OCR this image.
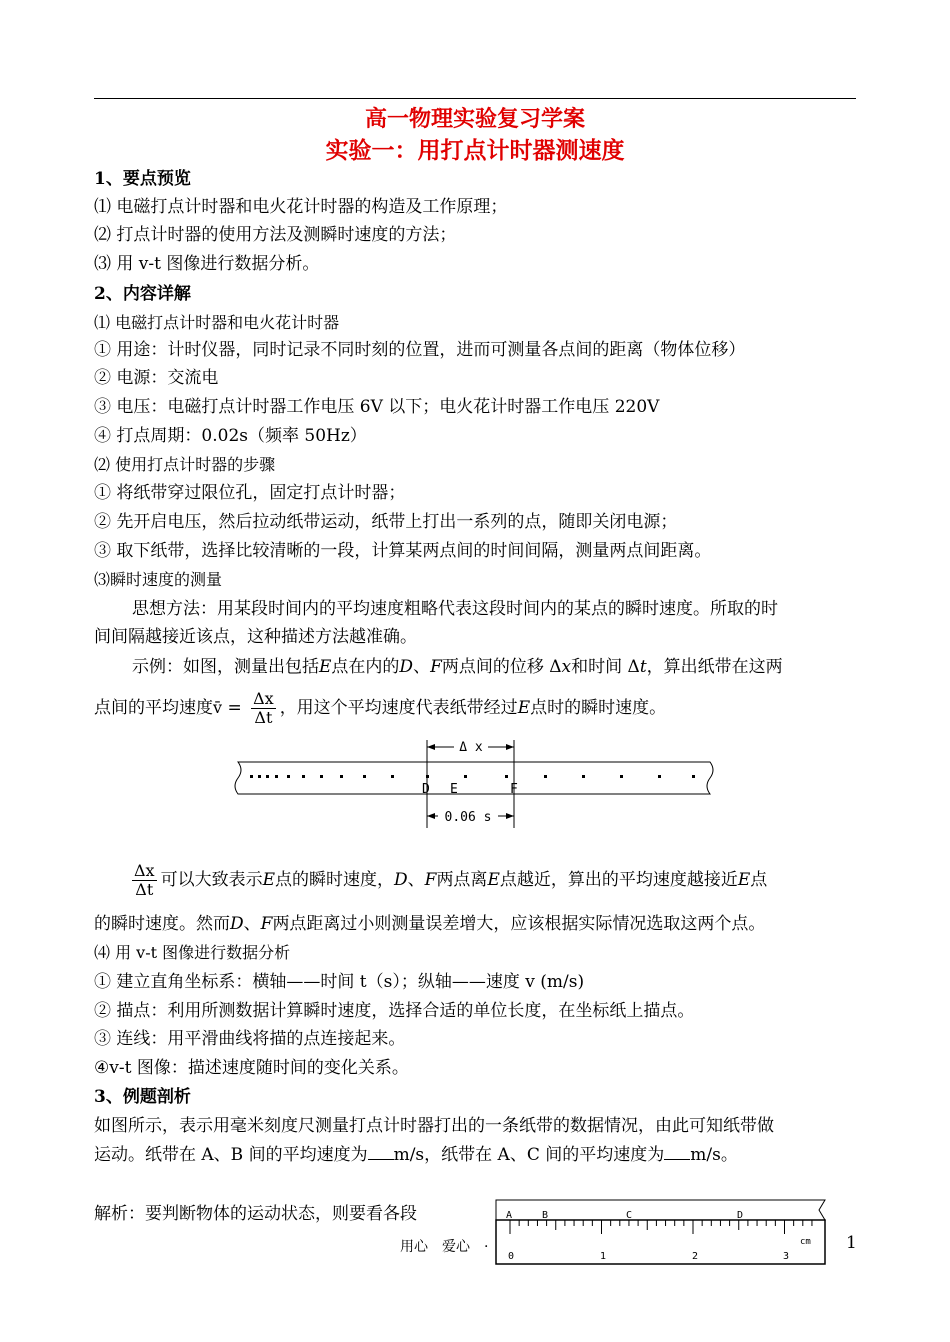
高一物理实验复习学案
实验一：用打点计时器测速度
1、要点预览
⑴ 电磁打点计时器和电火花计时器的构造及工作原理；
⑵ 打点计时器的使用方法及测瞬时速度的方法；
⑶ 用 v-t 图像进行数据分析。
2、内容详解
⑴ 电磁打点计时器和电火花计时器
① 用途：计时仪器，同时记录不同时刻的位置，进而可测量各点间的距离（物体位移）
② 电源：交流电
③ 电压：电磁打点计时器工作电压 6V 以下；电火花计时器工作电压 220V
④ 打点周期：0.02s（频率 50Hz）
⑵ 使用打点计时器的步骤
① 将纸带穿过限位孔，固定打点计时器；
② 先开启电压，然后拉动纸带运动，纸带上打出一系列的点，随即关闭电源；
③ 取下纸带，选择比较清晰的一段，计算某两点间的时间间隔，测量两点间距离。
⑶瞬时速度的测量
思想方法：用某段时间内的平均速度粗略代表这段时间内的某点的瞬时速度。所取的时
间间隔越接近该点，这种描述方法越准确。
示例：如图，测量出包括E点在内的D、F两点间的位移 Δx和时间 Δt，算出纸带在这两
点间的平均速度v̄ = $\frac{\Delta x}{\Delta t}$ ，用这个平均速度代表纸带经过E点时的瞬时速度。
Δ x
D E	F
0.06 s
$\frac{\Delta x}{\Delta t}$ 可以大致表示E点的瞬时速度，D、F两点离E点越近，算出的平均速度越接近E点
的瞬时速度。然而D、F两点距离过小则测量误差增大，应该根据实际情况选取这两个点。
⑷ 用 v-t 图像进行数据分析
① 建立直角坐标系：横轴——时间 t（s）；纵轴——速度 v (m/s)
② 描点：利用所测数据计算瞬时速度，选择合适的单位长度，在坐标纸上描点。
③ 连线：用平滑曲线将描的点连接起来。
④v-t 图像：描述速度随时间的变化关系。
3、例题剖析
如图所示，表示用毫米刻度尺测量打点计时器打出的一条纸带的数据情况，由此可知纸带做
运动。纸带在 A、B 间的平均速度为 m/s，纸带在 A、C 间的平均速度为 m/s。
解析：要判断物体的运动状态，则要看各段	A	B	C	D
0	1	2	3
cm
用心　爱心　·	1
